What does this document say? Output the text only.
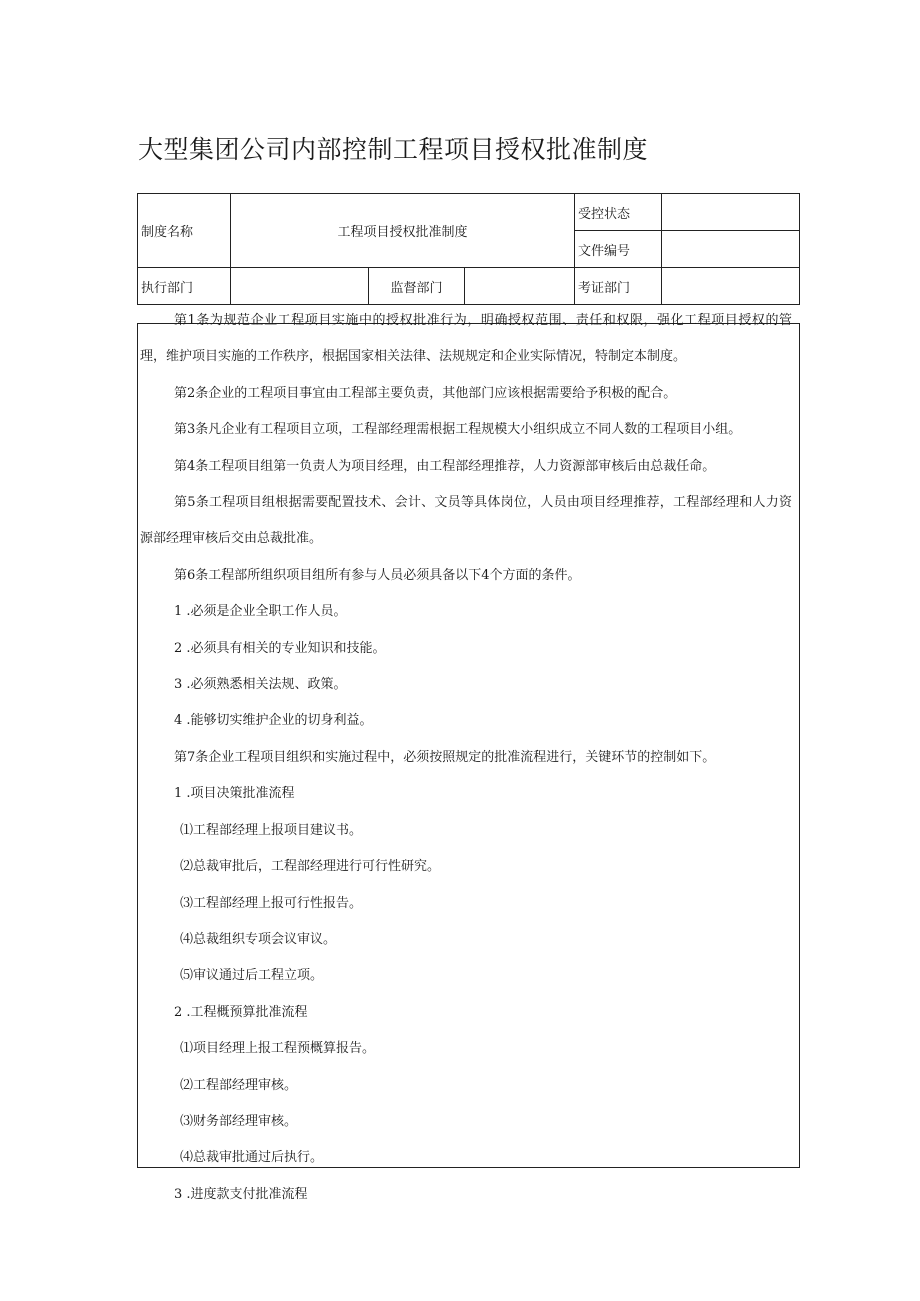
大型集团公司内部控制工程项目授权批准制度
制度名称	工程项目授权批准制度			受控状态	
				文件编号	
执行部门		监督部门		考证部门	

第1条为规范企业工程项目实施中的授权批准行为，明确授权范围、责任和权限，强化工程项目授权的管理，维护项目实施的工作秩序，根据国家相关法律、法规规定和企业实际情况，特制定本制度。

第2条企业的工程项目事宜由工程部主要负责，其他部门应该根据需要给予积极的配合。

第3条凡企业有工程项目立项，工程部经理需根据工程规模大小组织成立不同人数的工程项目小组。

第4条工程项目组第一负责人为项目经理，由工程部经理推荐，人力资源部审核后由总裁任命。

第5条工程项目组根据需要配置技术、会计、文员等具体岗位，人员由项目经理推荐，工程部经理和人力资源部经理审核后交由总裁批准。

第6条工程部所组织项目组所有参与人员必须具备以下4个方面的条件。

1 .必须是企业全职工作人员。

2 .必须具有相关的专业知识和技能。

3 .必须熟悉相关法规、政策。

4 .能够切实维护企业的切身利益。

第7条企业工程项目组织和实施过程中，必须按照规定的批准流程进行，关键环节的控制如下。

1 .项目决策批准流程

⑴工程部经理上报项目建议书。

⑵总裁审批后，工程部经理进行可行性研究。

⑶工程部经理上报可行性报告。

⑷总裁组织专项会议审议。

⑸审议通过后工程立项。

2 .工程概预算批准流程

⑴项目经理上报工程预概算报告。

⑵工程部经理审核。

⑶财务部经理审核。

⑷总裁审批通过后执行。

3 .进度款支付批准流程
